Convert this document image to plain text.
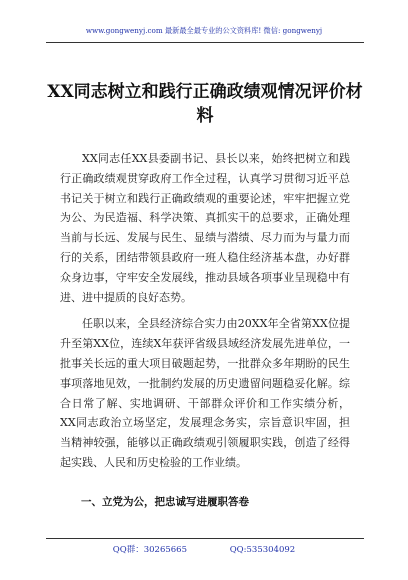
www.gongwenyj.com 最新最全最专业的公文资料库! 微信: gongwenyj
XX同志树立和践行正确政绩观情况评价材料

XX同志任XX县委副书记、县长以来，始终把树立和践行正确政绩观贯穿政府工作全过程，认真学习贯彻习近平总书记关于树立和践行正确政绩观的重要论述，牢牢把握立党为公、为民造福、科学决策、真抓实干的总要求，正确处理当前与长远、发展与民生、显绩与潜绩、尽力而为与量力而行的关系，团结带领县政府一班人稳住经济基本盘，办好群众身边事，守牢安全发展线，推动县域各项事业呈现稳中有进、进中提质的良好态势。

任职以来，全县经济综合实力由20XX年全省第XX位提升至第XX位，连续X年获评省级县域经济发展先进单位，一批事关长远的重大项目破题起势，一批群众多年期盼的民生事项落地见效，一批制约发展的历史遗留问题稳妥化解。综合日常了解、实地调研、干部群众评价和工作实绩分析，XX同志政治立场坚定，发展理念务实，宗旨意识牢固，担当精神较强，能够以正确政绩观引领履职实践，创造了经得起实践、人民和历史检验的工作业绩。

一、立党为公，把忠诚写进履职答卷
QQ群：30265665	QQ:535304092
